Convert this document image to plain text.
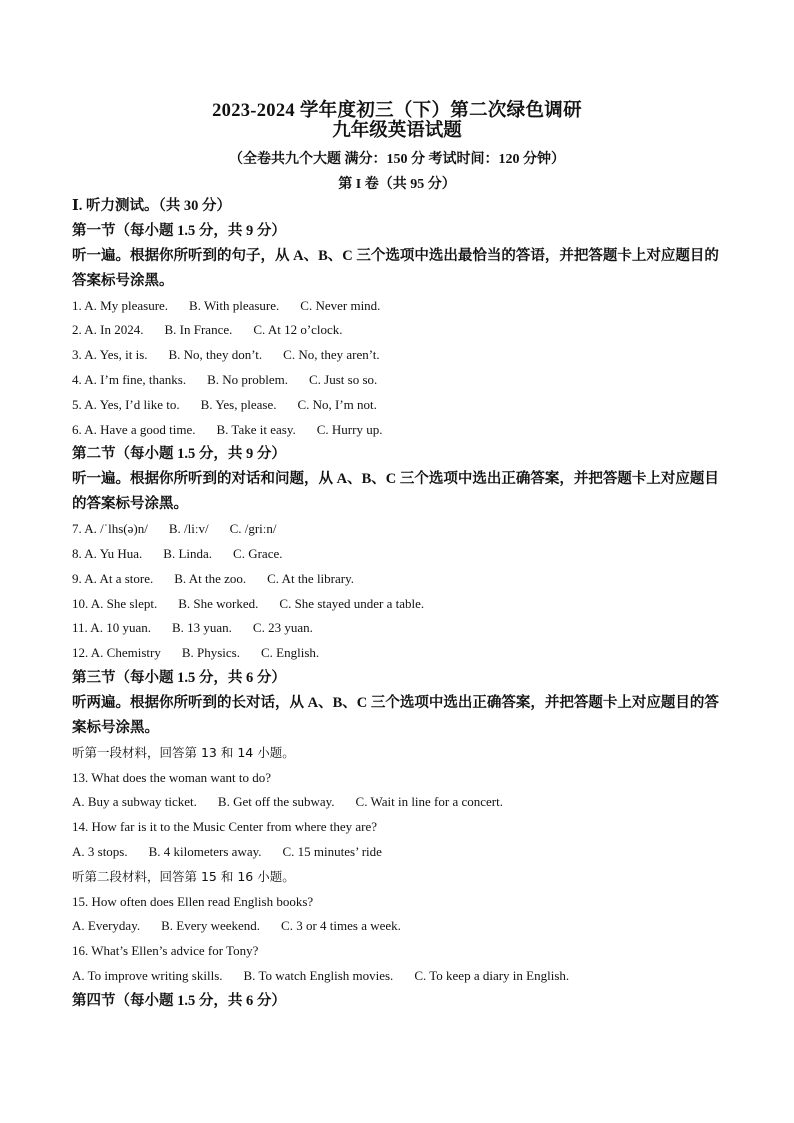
2023-2024 学年度初三（下）第二次绿色调研
九年级英语试题
（全卷共九个大题 满分：150 分 考试时间：120 分钟）
第 I 卷（共 95 分）
Ⅰ. 听力测试。（共 30 分）
第一节（每小题 1.5 分，共 9 分）
听一遍。根据你所听到的句子，从 A、B、C 三个选项中选出最恰当的答语，并把答题卡上对应题目的答案标号涂黑。
1. A. My pleasure. B. With pleasure. C. Never mind.
2. A. In 2024. B. In France. C. At 12 o’clock.
3. A. Yes, it is. B. No, they don’t. C. No, they aren’t.
4. A. I’m fine, thanks. B. No problem. C. Just so so.
5. A. Yes, I’d like to. B. Yes, please. C. No, I’m not.
6. A. Have a good time. B. Take it easy. C. Hurry up.
第二节（每小题 1.5 分，共 9 分）
听一遍。根据你所听到的对话和问题，从 A、B、C 三个选项中选出正确答案，并把答题卡上对应题目的答案标号涂黑。
7. A. /ˈlhs(ə)n/ B. /liːv/ C. /griːn/
8. A. Yu Hua. B. Linda. C. Grace.
9. A. At a store. B. At the zoo. C. At the library.
10. A. She slept. B. She worked. C. She stayed under a table.
11. A. 10 yuan. B. 13 yuan. C. 23 yuan.
12. A. Chemistry B. Physics. C. English.
第三节（每小题 1.5 分，共 6 分）
听两遍。根据你所听到的长对话，从 A、B、C 三个选项中选出正确答案，并把答题卡上对应题目的答案标号涂黑。
听第一段材料，回答第 13 和 14 小题。
13. What does the woman want to do?
A. Buy a subway ticket. B. Get off the subway. C. Wait in line for a concert.
14. How far is it to the Music Center from where they are?
A. 3 stops. B. 4 kilometers away. C. 15 minutes’ ride
听第二段材料，回答第 15 和 16 小题。
15. How often does Ellen read English books?
A. Everyday. B. Every weekend. C. 3 or 4 times a week.
16. What’s Ellen’s advice for Tony?
A. To improve writing skills. B. To watch English movies. C. To keep a diary in English.
第四节（每小题 1.5 分，共 6 分）
